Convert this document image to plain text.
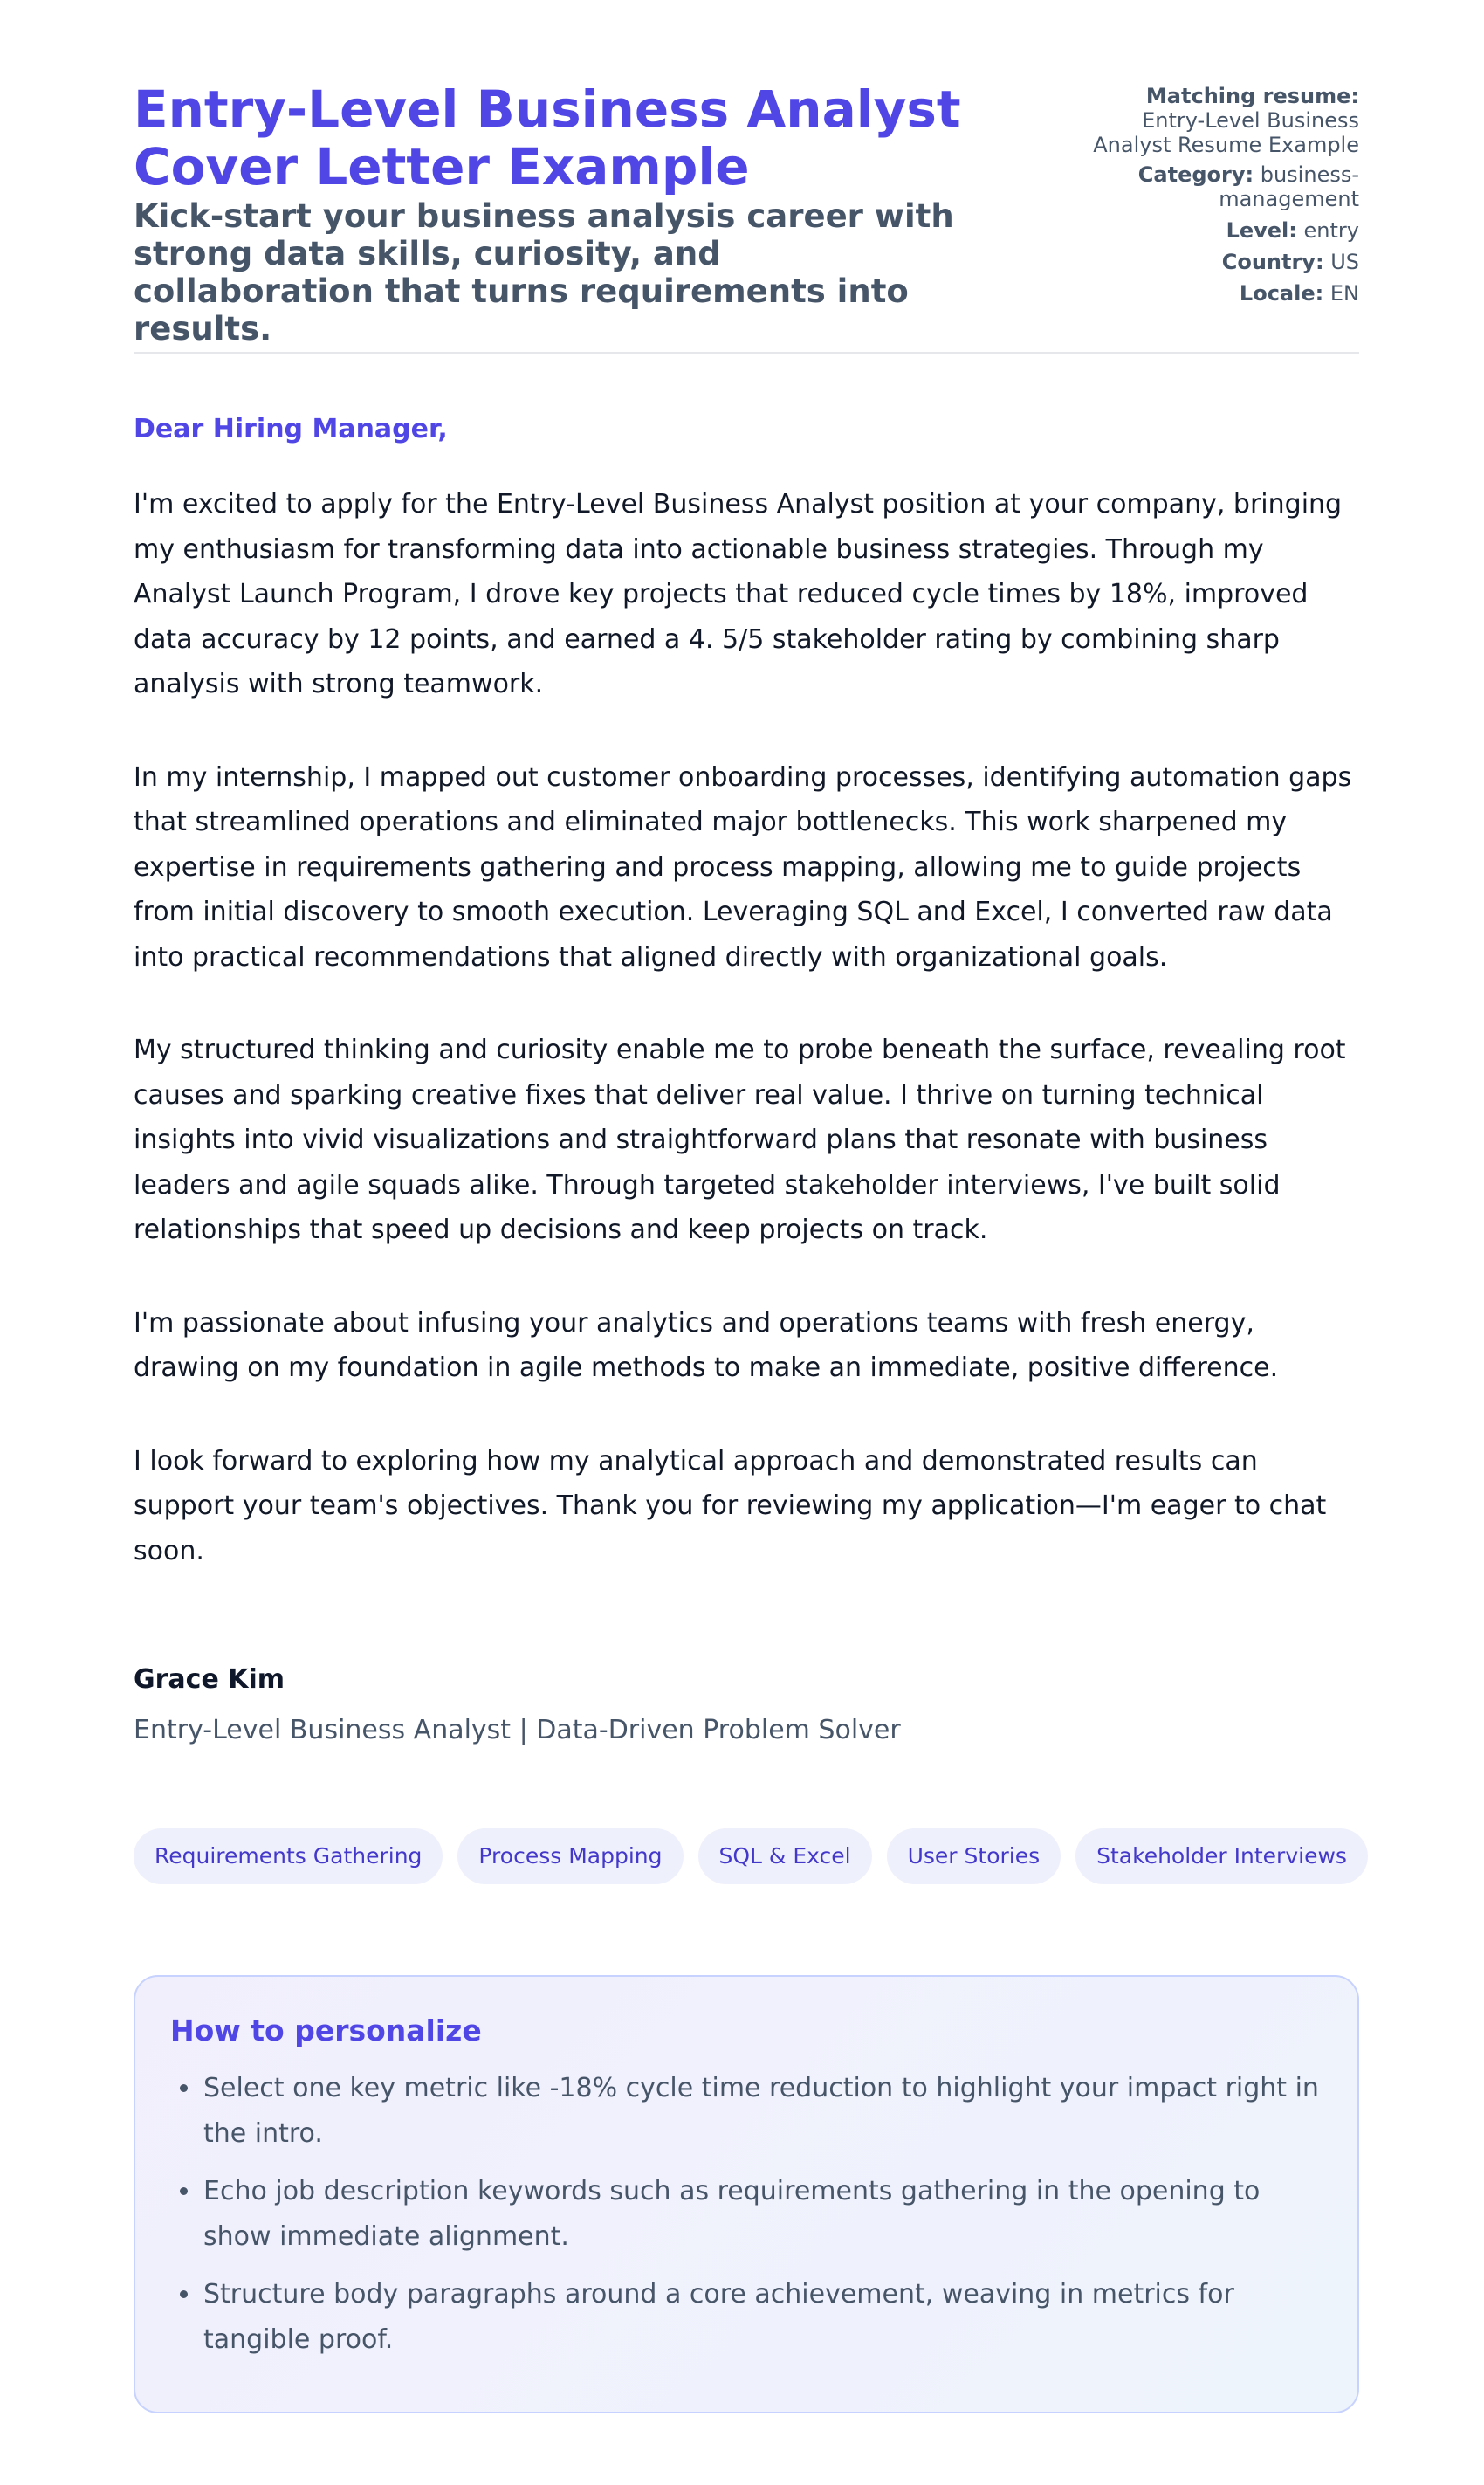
Entry-Level Business Analyst Cover Letter Example

Kick-start your business analysis career with strong data skills, curiosity, and collaboration that turns requirements into results.

Matching resume:
Entry-Level Business Analyst Resume Example
Category: business-management
Level: entry
Country: US
Locale: EN
Dear Hiring Manager,

I'm excited to apply for the Entry-Level Business Analyst position at your company, bringing my enthusiasm for transforming data into actionable business strategies. Through my Analyst Launch Program, I drove key projects that reduced cycle times by 18%, improved data accuracy by 12 points, and earned a 4. 5/5 stakeholder rating by combining sharp analysis with strong teamwork.

In my internship, I mapped out customer onboarding processes, identifying automation gaps that streamlined operations and eliminated major bottlenecks. This work sharpened my expertise in requirements gathering and process mapping, allowing me to guide projects from initial discovery to smooth execution. Leveraging SQL and Excel, I converted raw data into practical recommendations that aligned directly with organizational goals.

My structured thinking and curiosity enable me to probe beneath the surface, revealing root causes and sparking creative fixes that deliver real value. I thrive on turning technical insights into vivid visualizations and straightforward plans that resonate with business leaders and agile squads alike. Through targeted stakeholder interviews, I've built solid relationships that speed up decisions and keep projects on track.

I'm passionate about infusing your analytics and operations teams with fresh energy, drawing on my foundation in agile methods to make an immediate, positive difference.

I look forward to exploring how my analytical approach and demonstrated results can support your team's objectives. Thank you for reviewing my application—I'm eager to chat soon.

Grace Kim
Entry-Level Business Analyst | Data-Driven Problem Solver
Requirements Gathering	Process Mapping	SQL & Excel	User Stories	Stakeholder Interviews
How to personalize
• Select one key metric like -18% cycle time reduction to highlight your impact right in the intro.
• Echo job description keywords such as requirements gathering in the opening to show immediate alignment.
• Structure body paragraphs around a core achievement, weaving in metrics for tangible proof.
